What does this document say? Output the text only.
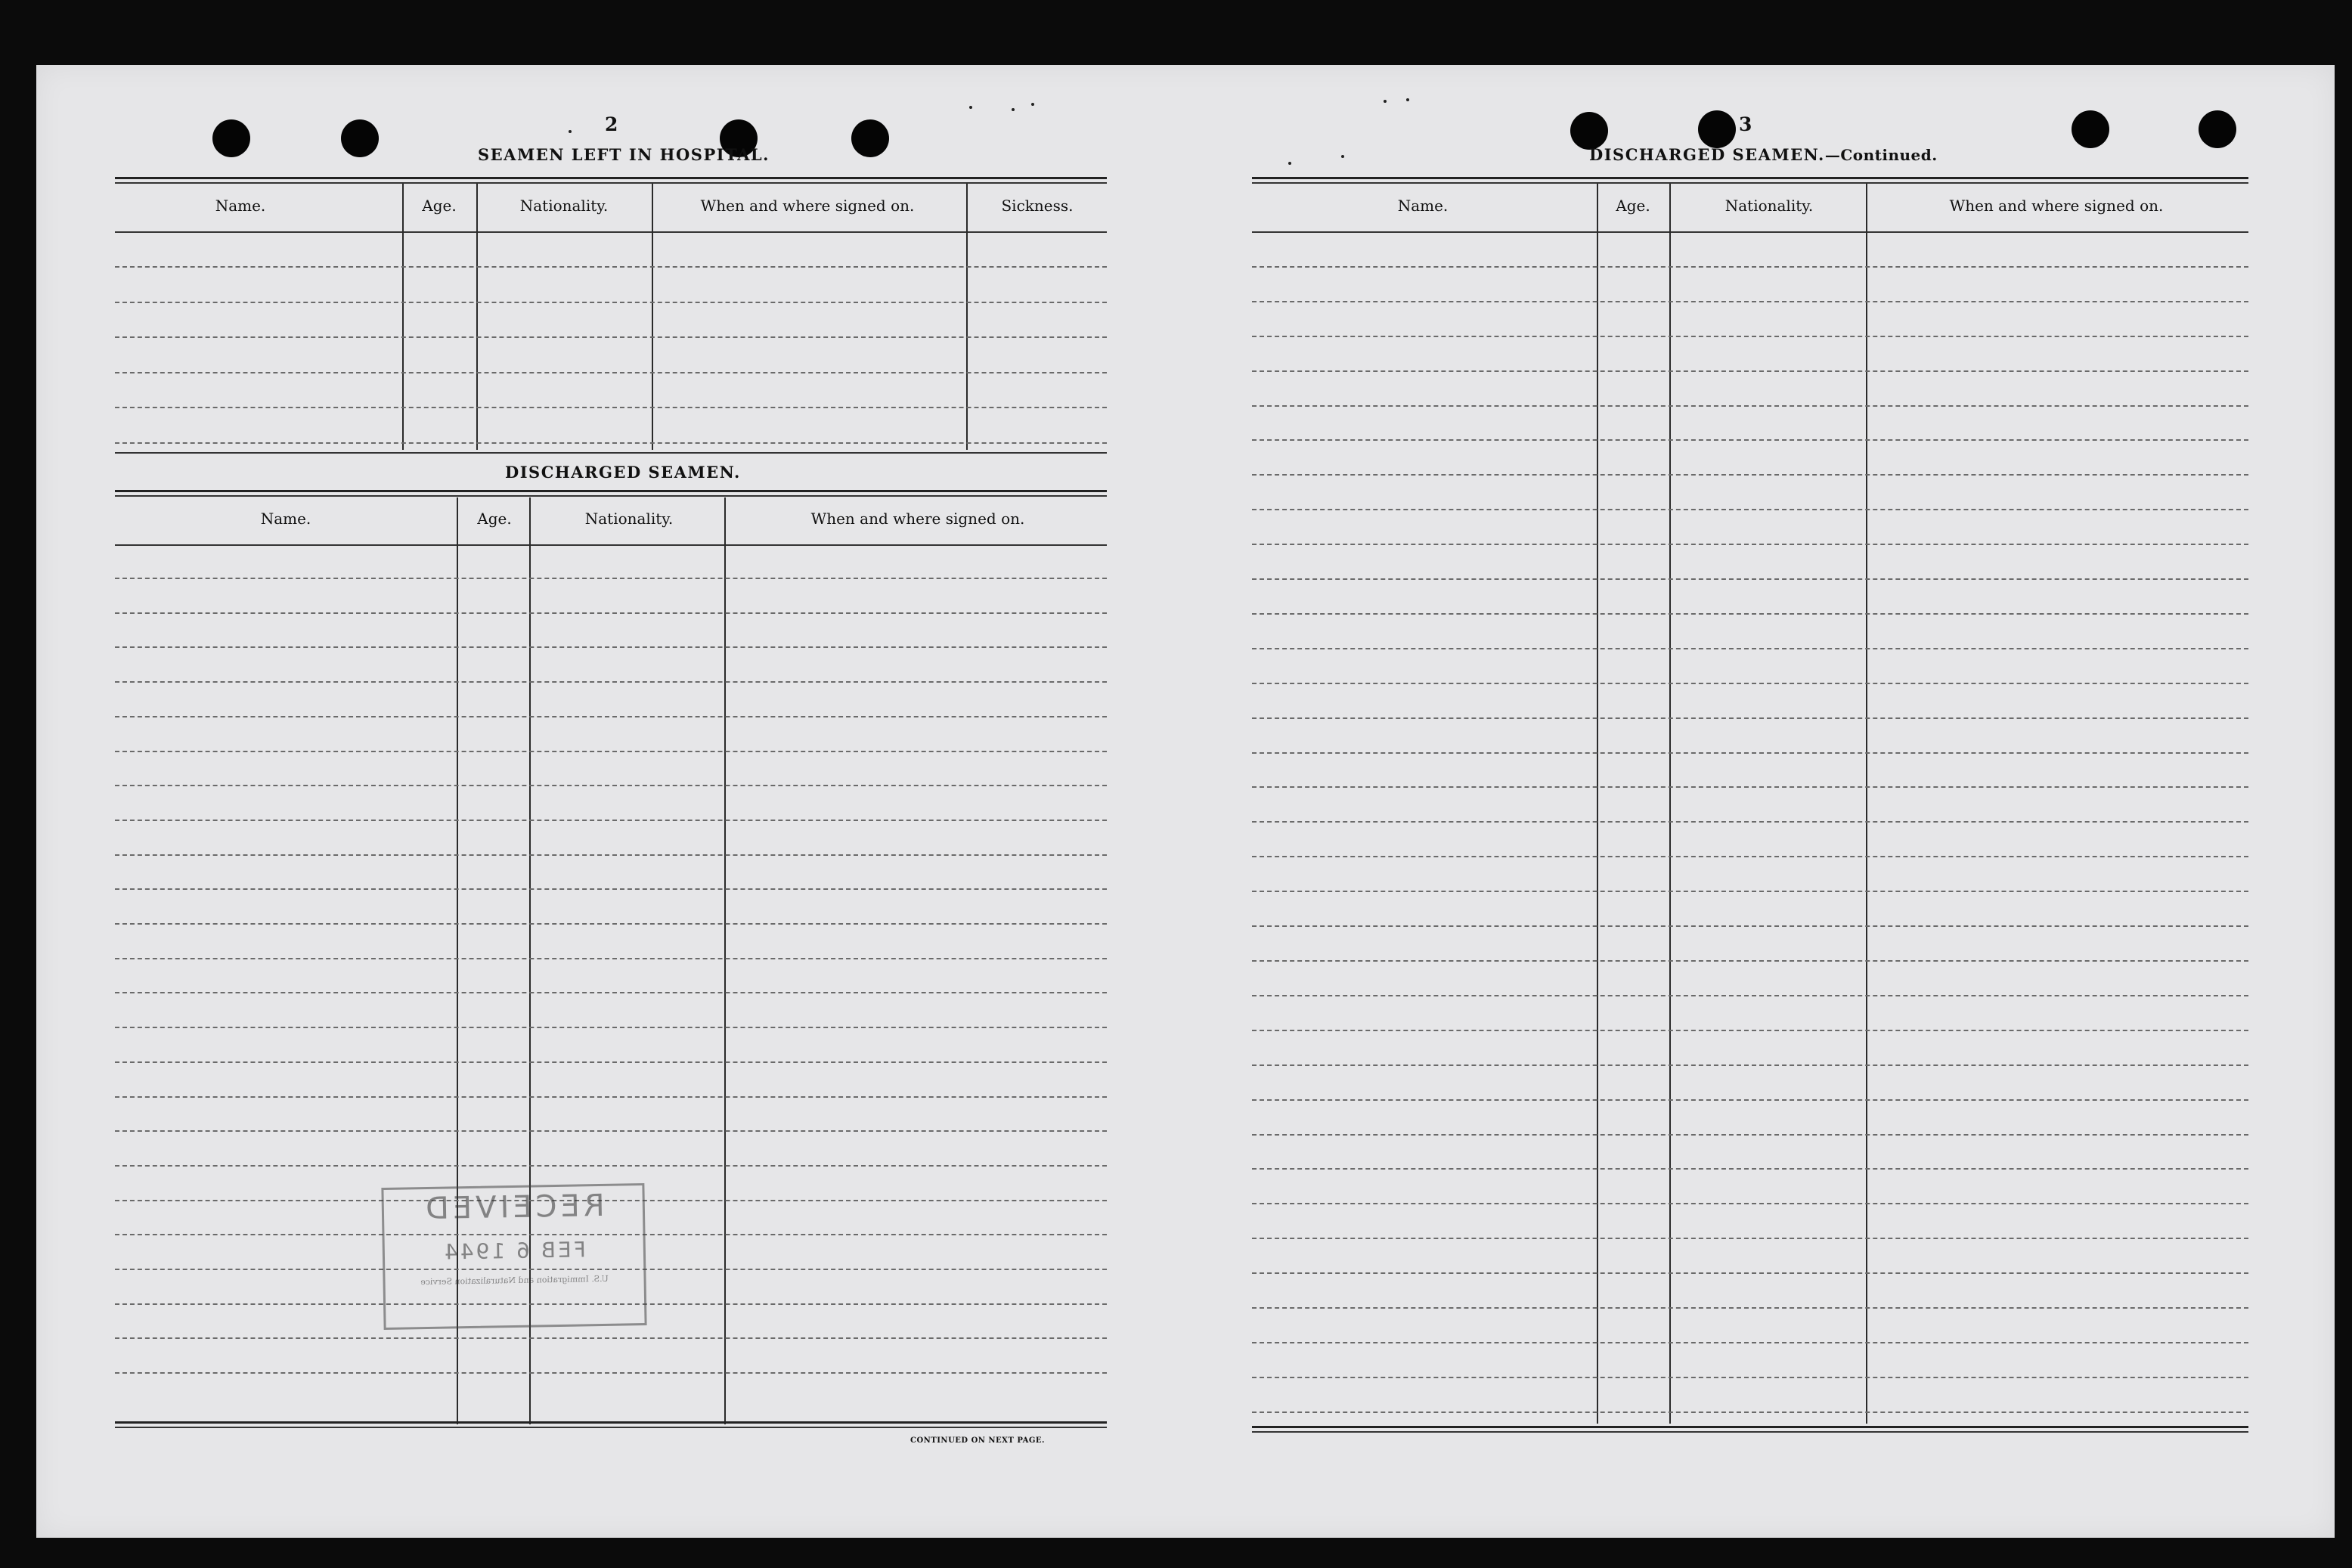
2
SEAMEN LEFT IN HOSPITAL.
Name.	Age.	Nationality.	When and where signed on.	Sickness.
DISCHARGED SEAMEN.
Name.	Age.	Nationality.	When and where signed on.
CONTINUED ON NEXT PAGE.
RECEIVED
FEB 6 1944
U.S. Immigration and Naturalization Service
3
DISCHARGED SEAMEN.—Continued.
Name.	Age.	Nationality.	When and where signed on.
